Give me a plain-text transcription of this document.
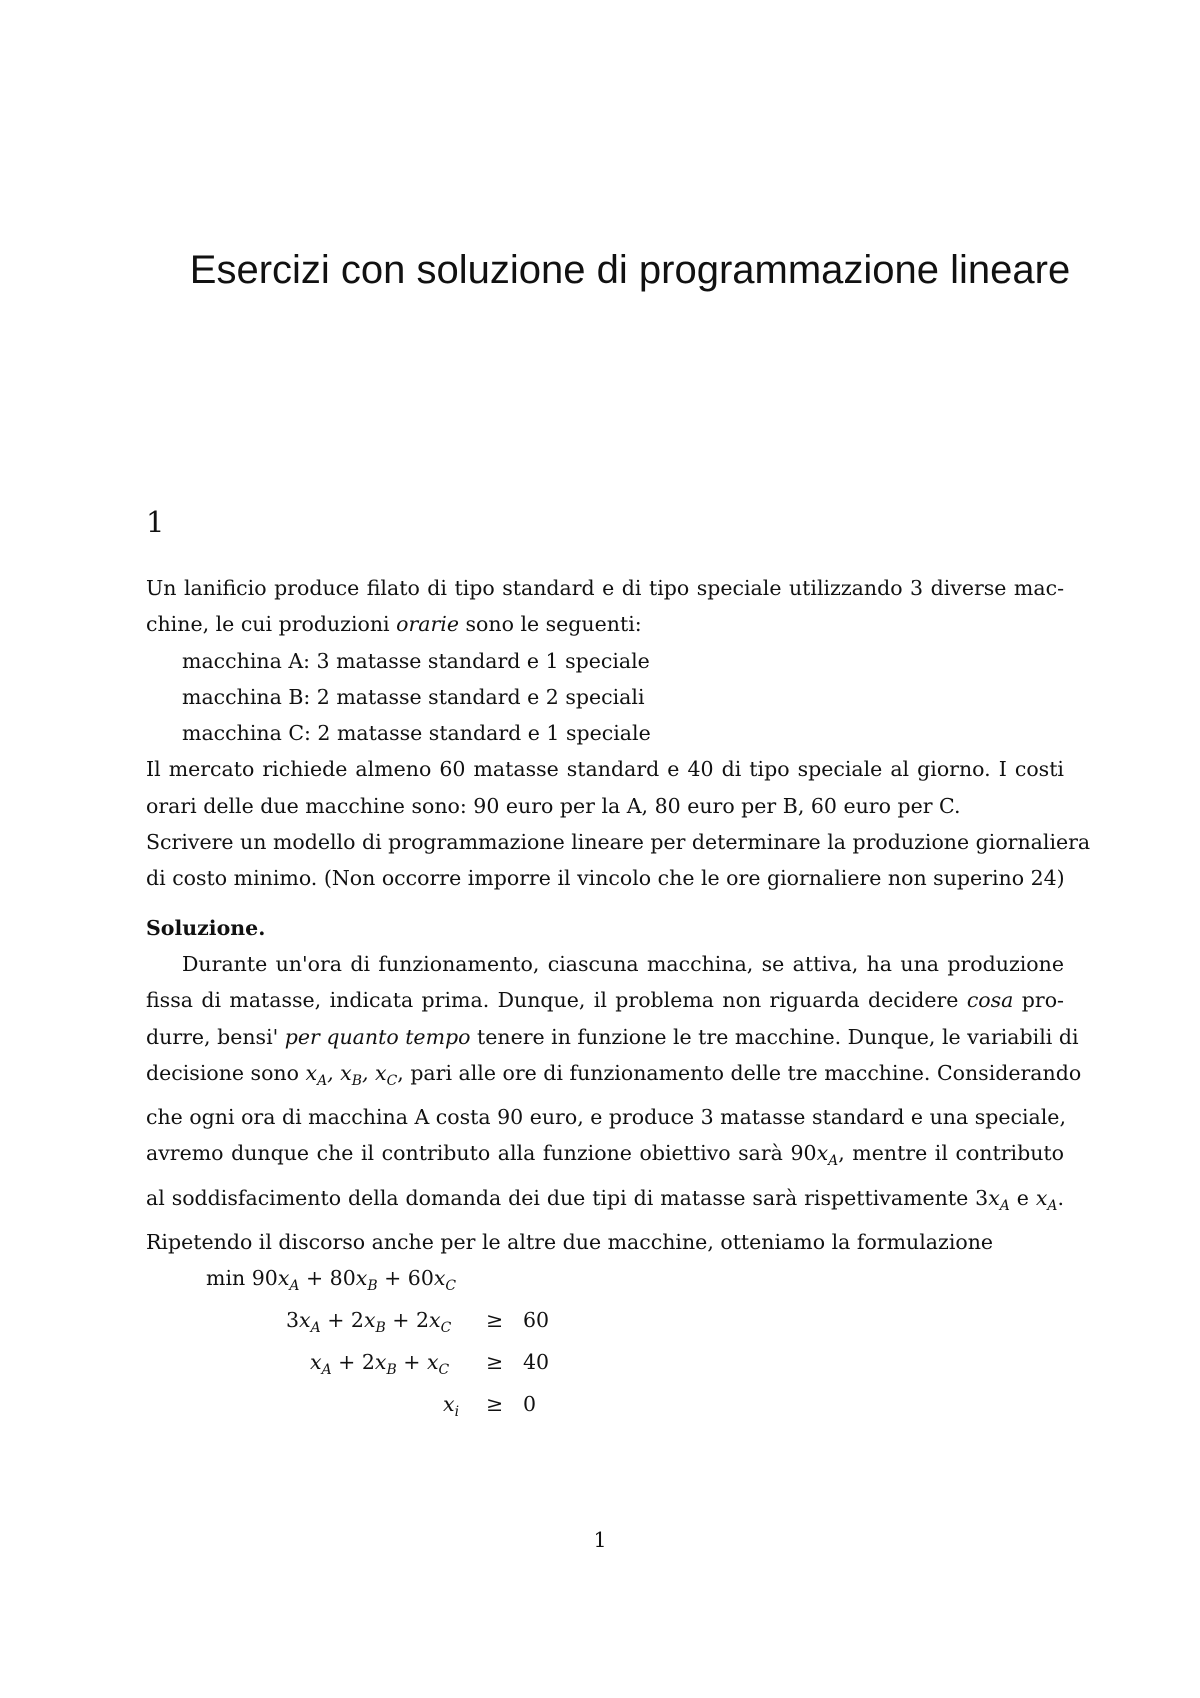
Esercizi con soluzione di programmazione lineare
1
Un lanificio produce filato di tipo standard e di tipo speciale utilizzando 3 diverse mac-
chine, le cui produzioni orarie sono le seguenti:
macchina A: 3 matasse standard e 1 speciale
macchina B: 2 matasse standard e 2 speciali
macchina C: 2 matasse standard e 1 speciale
Il mercato richiede almeno 60 matasse standard e 40 di tipo speciale al giorno. I costi
orari delle due macchine sono: 90 euro per la A, 80 euro per B, 60 euro per C.
Scrivere un modello di programmazione lineare per determinare la produzione giornaliera
di costo minimo. (Non occorre imporre il vincolo che le ore giornaliere non superino 24)
Soluzione.
Durante un'ora di funzionamento, ciascuna macchina, se attiva, ha una produzione
fissa di matasse, indicata prima. Dunque, il problema non riguarda decidere cosa pro-
durre, bensi' per quanto tempo tenere in funzione le tre macchine. Dunque, le variabili di
decisione sono $x_A$, $x_B$, $x_C$, pari alle ore di funzionamento delle tre macchine. Considerando
che ogni ora di macchina A costa 90 euro, e produce 3 matasse standard e una speciale,
avremo dunque che il contributo alla funzione obiettivo sarà $90x_A$, mentre il contributo
al soddisfacimento della domanda dei due tipi di matasse sarà rispettivamente $3x_A$ e $x_A$.
Ripetendo il discorso anche per le altre due macchine, otteniamo la formulazione
$\min 90x_A + 80x_B + 60x_C$
$3x_A + 2x_B + 2x_C \ge 60$
$x_A + 2x_B + x_C \ge 40$
$x_i \ge 0$
1
